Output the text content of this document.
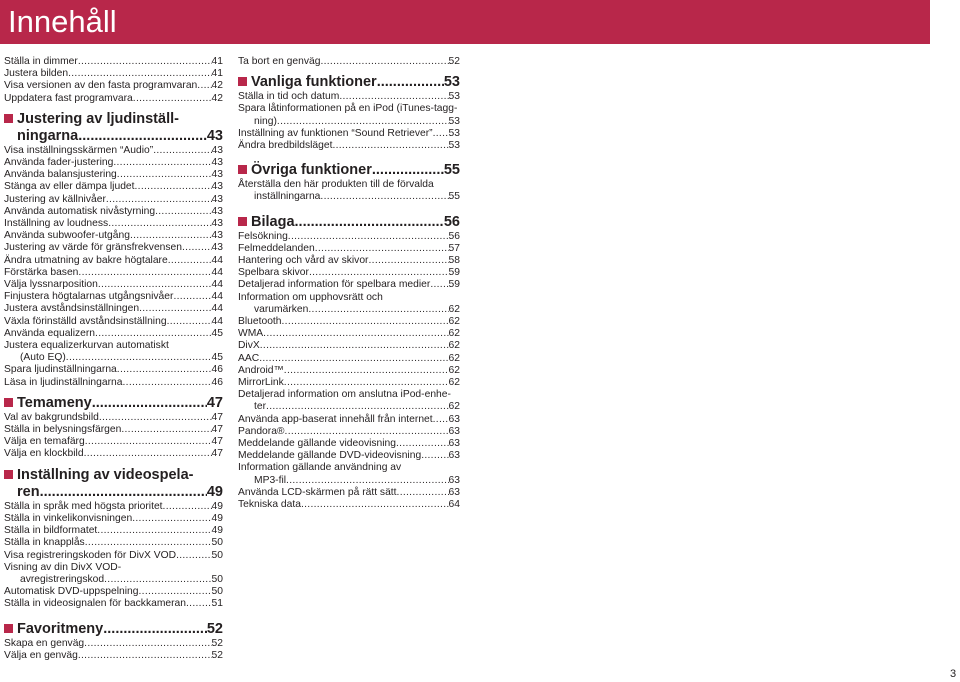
Innehåll
Ställa in dimmer .....	41
Justera bilden .....	41
Visa versionen av den fasta programvaran ..... 42
Uppdatera fast programvara .....	42
Justering av ljudinställ-
ningarna .....	43
Visa inställningsskärmen “Audio” .....	43
Använda fader-justering .....	43
Använda balansjustering .....	43
Stänga av eller dämpa ljudet .....	43
Justering av källnivåer .....	43
Använda automatisk nivåstyrning .....	43
Inställning av loudness .....	43
Använda subwoofer-utgång .....	43
Justering av värde för gränsfrekvensen .....	43
Ändra utmatning av bakre högtalare .....	44
Förstärka basen .....	44
Välja lyssnarposition .....	44
Finjustera högtalarnas utgångsnivåer .....	44
Justera avståndsinställningen .....	44
Växla förinställd avståndsinställning .....	44
Använda equalizern .....	45
Justera equalizerkurvan automatiskt
(Auto EQ) .....	45
Spara ljudinställningarna .....	46
Läsa in ljudinställningarna .....	46
Temameny .....	47
Val av bakgrundsbild .....	47
Ställa in belysningsfärgen .....	47
Välja en temafärg .....	47
Välja en klockbild .....	47
Inställning av videospela-
ren .....	49
Ställa in språk med högsta prioritet .....	49
Ställa in vinkelikonvisningen .....	49
Ställa in bildformatet .....	49
Ställa in knapplås .....	50
Visa registreringskoden för DivX VOD .....	50
Visning av din DivX VOD-
avregistreringskod .....	50
Automatisk DVD-uppspelning .....	50
Ställa in videosignalen för backkameran ..... 51
Favoritmeny .....	52
Skapa en genväg .....	52
Välja en genväg .....	52
Ta bort en genväg .....	52
Vanliga funktioner .....	53
Ställa in tid och datum .....	53
Spara låtinformationen på en iPod (iTunes-tagg-
ning) .....	53
Inställning av funktionen “Sound Retriever” ..... 53
Ändra bredbildsläget .....	53
Övriga funktioner .....	55
Återställa den här produkten till de förvalda
inställningarna .....	55
Bilaga .....	56
Felsökning .....	56
Felmeddelanden .....	57
Hantering och vård av skivor .....	58
Spelbara skivor .....	59
Detaljerad information för spelbara medier ..... 59
Information om upphovsrätt och
varumärken .....	62
Bluetooth .....	62
WMA .....	62
DivX .....	62
AAC .....	62
Android™ .....	62
MirrorLink .....	62
Detaljerad information om anslutna iPod-enhe-
ter .....	62
Använda app-baserat innehåll från internet ..... 63
Pandora® .....	63
Meddelande gällande videovisning .....	63
Meddelande gällande DVD-videovisning .....	63
Information gällande användning av
MP3-fil .....	63
Använda LCD-skärmen på rätt sätt .....	63
Tekniska data .....	64
3
